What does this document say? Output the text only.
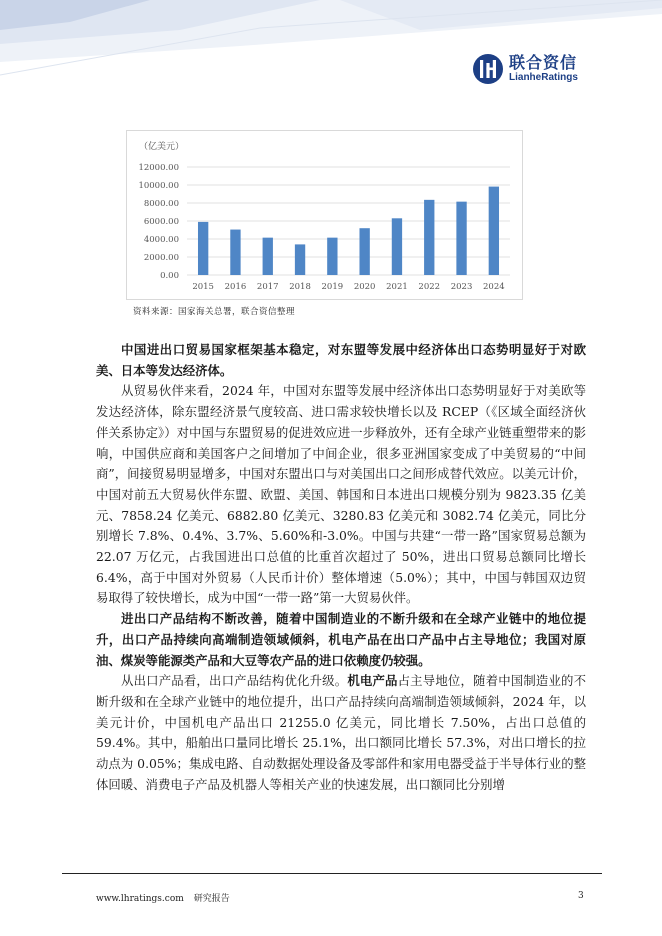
联合资信
LianheRatings
（亿美元）
12000.00
10000.00
8000.00
6000.00
4000.00
2000.00
0.00
2015 2016 2017 2018 2019 2020 2021 2022 2023 2024
资料来源：国家海关总署，联合资信整理

中国进出口贸易国家框架基本稳定，对东盟等发展中经济体出口态势明显好于对欧美、日本等发达经济体。

从贸易伙伴来看，2024 年，中国对东盟等发展中经济体出口态势明显好于对美欧等发达经济体，除东盟经济景气度较高、进口需求较快增长以及 RCEP（《区域全面经济伙伴关系协定》）对中国与东盟贸易的促进效应进一步释放外，还有全球产业链重塑带来的影响，中国供应商和美国客户之间增加了中间企业，很多亚洲国家变成了中美贸易的“中间商”，间接贸易明显增多，中国对东盟出口与对美国出口之间形成替代效应。以美元计价，中国对前五大贸易伙伴东盟、欧盟、美国、韩国和日本进出口规模分别为 9823.35 亿美元、7858.24 亿美元、6882.80 亿美元、3280.83 亿美元和 3082.74 亿美元，同比分别增长 7.8%、0.4%、3.7%、5.60%和-3.0%。中国与共建“一带一路”国家贸易总额为 22.07 万亿元，占我国进出口总值的比重首次超过了 50%，进出口贸易总额同比增长 6.4%，高于中国对外贸易（人民币计价）整体增速（5.0%）；其中，中国与韩国双边贸易取得了较快增长，成为中国“一带一路”第一大贸易伙伴。

进出口产品结构不断改善，随着中国制造业的不断升级和在全球产业链中的地位提升，出口产品持续向高端制造领域倾斜，机电产品在出口产品中占主导地位；我国对原油、煤炭等能源类产品和大豆等农产品的进口依赖度仍较强。

从出口产品看，出口产品结构优化升级。机电产品占主导地位，随着中国制造业的不断升级和在全球产业链中的地位提升，出口产品持续向高端制造领域倾斜，2024 年，以美元计价，中国机电产品出口 21255.0 亿美元，同比增长 7.50%，占出口总值的 59.4%。其中，船舶出口量同比增长 25.1%，出口额同比增长 57.3%，对出口增长的拉动点为 0.05%；集成电路、自动数据处理设备及零部件和家用电器受益于半导体行业的整体回暖、消费电子产品及机器人等相关产业的快速发展，出口额同比分别增

www.lhratings.com 研究报告	3
